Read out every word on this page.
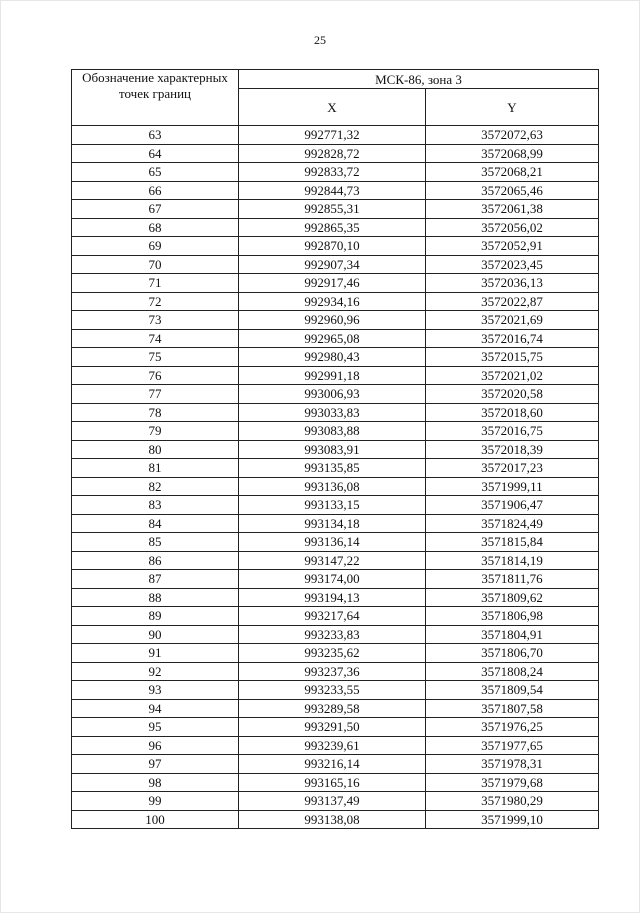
25
Обозначение характерных точек границ	МСК-86, зона 3	
	X	Y
63	992771,32	3572072,63
64	992828,72	3572068,99
65	992833,72	3572068,21
66	992844,73	3572065,46
67	992855,31	3572061,38
68	992865,35	3572056,02
69	992870,10	3572052,91
70	992907,34	3572023,45
71	992917,46	3572036,13
72	992934,16	3572022,87
73	992960,96	3572021,69
74	992965,08	3572016,74
75	992980,43	3572015,75
76	992991,18	3572021,02
77	993006,93	3572020,58
78	993033,83	3572018,60
79	993083,88	3572016,75
80	993083,91	3572018,39
81	993135,85	3572017,23
82	993136,08	3571999,11
83	993133,15	3571906,47
84	993134,18	3571824,49
85	993136,14	3571815,84
86	993147,22	3571814,19
87	993174,00	3571811,76
88	993194,13	3571809,62
89	993217,64	3571806,98
90	993233,83	3571804,91
91	993235,62	3571806,70
92	993237,36	3571808,24
93	993233,55	3571809,54
94	993289,58	3571807,58
95	993291,50	3571976,25
96	993239,61	3571977,65
97	993216,14	3571978,31
98	993165,16	3571979,68
99	993137,49	3571980,29
100	993138,08	3571999,10
